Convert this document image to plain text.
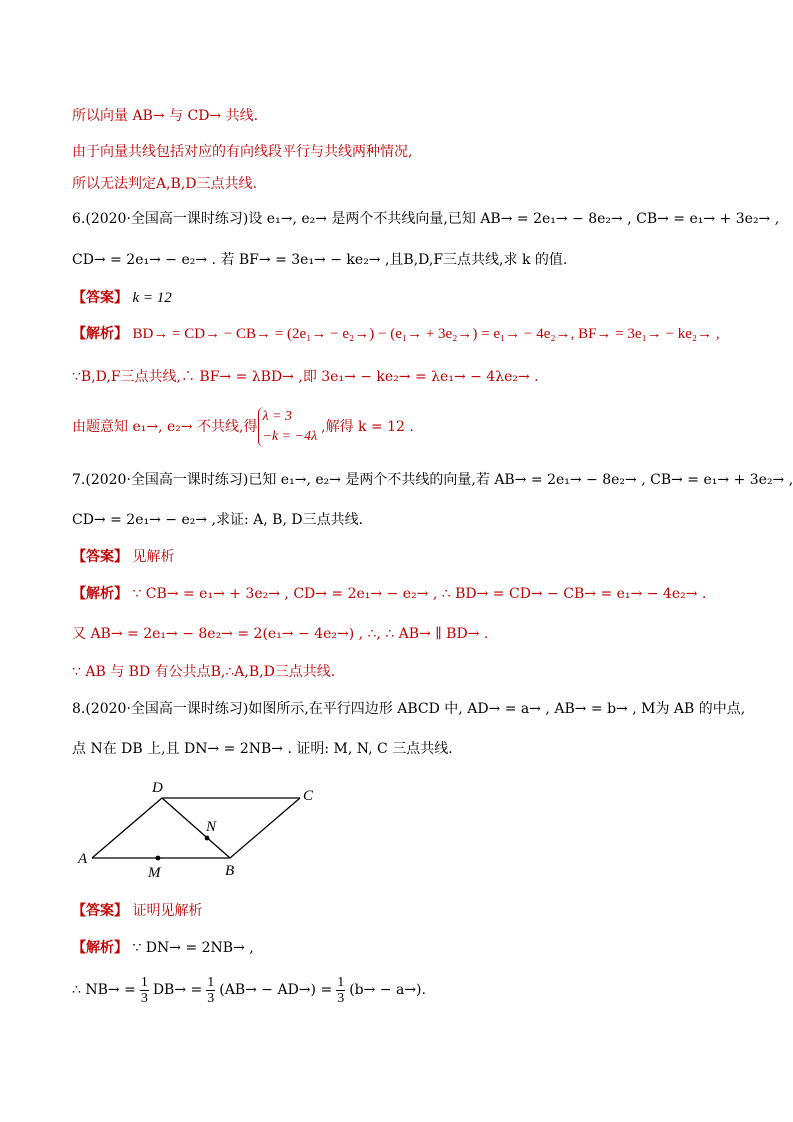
所以向量 AB→ 与 CD→ 共线.
由于向量共线包括对应的有向线段平行与共线两种情况,
所以无法判定A,B,D三点共线.
6.(2020·全国高一课时练习)设 e₁→, e₂→ 是两个不共线向量,已知 AB→ = 2e₁→ − 8e₂→ , CB→ = e₁→ + 3e₂→ ,
CD→ = 2e₁→ − e₂→ . 若 BF→ = 3e₁→ − ke₂→ ,且B,D,F三点共线,求 k 的值.
【答案】 k = 12
【解析】 BD→ = CD→ − CB→ = (2e₁→ − e₂→) − (e₁→ + 3e₂→) = e₁→ − 4e₂→, BF→ = 3e₁→ − ke₂→ ,
∵B,D,F三点共线,∴ BF→ = λBD→ ,即 3e₁→ − ke₂→ = λe₁→ − 4λe₂→ .
由题意知 e₁→, e₂→ 不共线,得
λ = 3
−k = −4λ
,解得 k = 12 .
7.(2020·全国高一课时练习)已知 e₁→, e₂→ 是两个不共线的向量,若 AB→ = 2e₁→ − 8e₂→ , CB→ = e₁→ + 3e₂→ ,
CD→ = 2e₁→ − e₂→ ,求证: A, B, D三点共线.
【答案】 见解析
【解析】 ∵ CB→ = e₁→ + 3e₂→ , CD→ = 2e₁→ − e₂→ , ∴ BD→ = CD→ − CB→ = e₁→ − 4e₂→ .
又 AB→ = 2e₁→ − 8e₂→ = 2(e₁→ − 4e₂→) , ∴, ∴ AB→ ∥ BD→ .
∵ AB 与 BD 有公共点B,∴A,B,D三点共线.
8.(2020·全国高一课时练习)如图所示,在平行四边形 ABCD 中, AD→ = a→ , AB→ = b→ , M为 AB 的中点,
点 N在 DB 上,且 DN→ = 2NB→ . 证明: M, N, C 三点共线.
A
B
C
D
M
N
【答案】 证明见解析
【解析】 ∵ DN→ = 2NB→ ,
∴ $NB\to = \frac{1}{3} DB\to = \frac{1}{3} (AB\to - AD\to) = \frac{1}{3} (b\to - a\to)$.
